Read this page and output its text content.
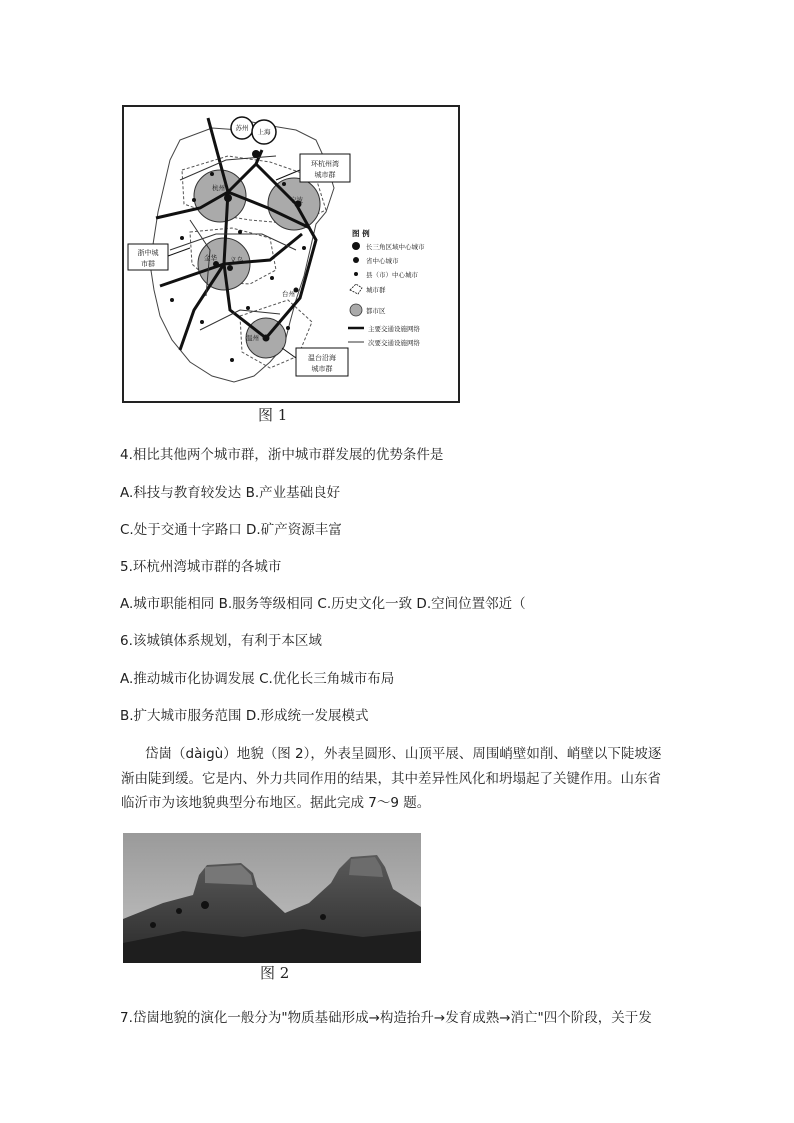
苏州 上海
杭州
宁波
金华 义乌
台州
温州
环杭州湾
城市群
浙中城
市群
温台沿海
城市群
图 例
长三角区域中心城市
省中心城市
县（市）中心城市
城市群
都市区
主要交通设施网络
次要交通设施网络
图 1
4.相比其他两个城市群，浙中城市群发展的优势条件是
A.科技与教育较发达 B.产业基础良好
C.处于交通十字路口 D.矿产资源丰富
5.环杭州湾城市群的各城市
A.城市职能相同 B.服务等级相同 C.历史文化一致 D.空间位置邻近（
6.该城镇体系规划，有利于本区域
A.推动城市化协调发展 C.优化长三角城市布局
B.扩大城市服务范围 D.形成统一发展模式
岱崮（dàigù）地貌（图 2），外表呈圆形、山顶平展、周围峭壁如削、峭壁以下陡坡逐
渐由陡到缓。它是内、外力共同作用的结果，其中差异性风化和坍塌起了关键作用。山东省
临沂市为该地貌典型分布地区。据此完成 7～9 题。
图 2
7.岱崮地貌的演化一般分为"物质基础形成→构造抬升→发育成熟→消亡"四个阶段，关于发
